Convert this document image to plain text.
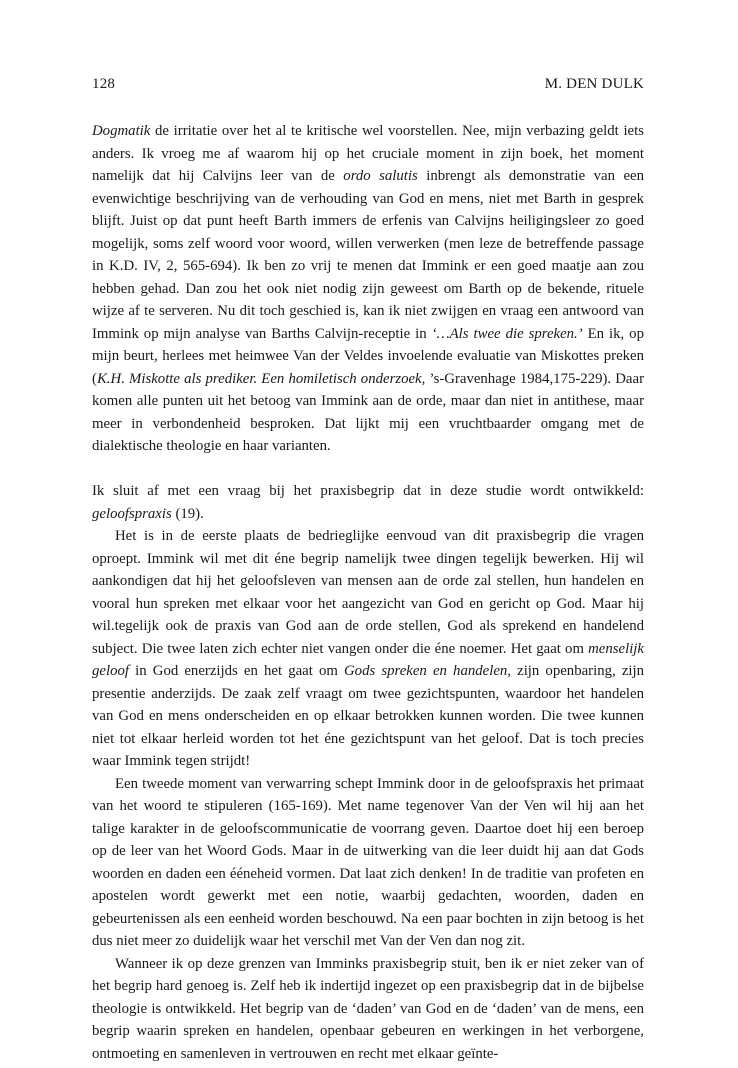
128	M. DEN DULK

Dogmatik de irritatie over het al te kritische wel voorstellen. Nee, mijn verbazing geldt iets anders. Ik vroeg me af waarom hij op het cruciale moment in zijn boek, het moment namelijk dat hij Calvijns leer van de ordo salutis inbrengt als demonstratie van een evenwichtige beschrijving van de verhouding van God en mens, niet met Barth in gesprek blijft. Juist op dat punt heeft Barth immers de erfenis van Calvijns heiligingsleer zo goed mogelijk, soms zelf woord voor woord, willen verwerken (men leze de betreffende passage in K.D. IV, 2, 565-694). Ik ben zo vrij te menen dat Immink er een goed maatje aan zou hebben gehad. Dan zou het ook niet nodig zijn geweest om Barth op de bekende, rituele wijze af te serveren. Nu dit toch geschied is, kan ik niet zwijgen en vraag een antwoord van Immink op mijn analyse van Barths Calvijn-receptie in ‘…Als twee die spreken.’ En ik, op mijn beurt, herlees met heimwee Van der Veldes invoelende evaluatie van Miskottes preken (K.H. Miskotte als prediker. Een homiletisch onderzoek, ’s-Gravenhage 1984,175-229). Daar komen alle punten uit het betoog van Immink aan de orde, maar dan niet in antithese, maar meer in verbondenheid besproken. Dat lijkt mij een vruchtbaarder omgang met de dialektische theologie en haar varianten.

Ik sluit af met een vraag bij het praxisbegrip dat in deze studie wordt ontwikkeld: geloofspraxis (19).

Het is in de eerste plaats de bedrieglijke eenvoud van dit praxisbegrip die vragen oproept. Immink wil met dit éne begrip namelijk twee dingen tegelijk bewerken. Hij wil aankondigen dat hij het geloofsleven van mensen aan de orde zal stellen, hun handelen en vooral hun spreken met elkaar voor het aangezicht van God en gericht op God. Maar hij wil.tegelijk ook de praxis van God aan de orde stellen, God als sprekend en handelend subject. Die twee laten zich echter niet vangen onder die éne noemer. Het gaat om menselijk geloof in God enerzijds en het gaat om Gods spreken en handelen, zijn openbaring, zijn presentie anderzijds. De zaak zelf vraagt om twee gezichtspunten, waardoor het handelen van God en mens onderscheiden en op elkaar betrokken kunnen worden. Die twee kunnen niet tot elkaar herleid worden tot het éne gezichtspunt van het geloof. Dat is toch precies waar Immink tegen strijdt!

Een tweede moment van verwarring schept Immink door in de geloofspraxis het primaat van het woord te stipuleren (165-169). Met name tegenover Van der Ven wil hij aan het talige karakter in de geloofscommunicatie de voorrang geven. Daartoe doet hij een beroep op de leer van het Woord Gods. Maar in de uitwerking van die leer duidt hij aan dat Gods woorden en daden een ééneheid vormen. Dat laat zich denken! In de traditie van profeten en apostelen wordt gewerkt met een notie, waarbij gedachten, woorden, daden en gebeurtenissen als een eenheid worden beschouwd. Na een paar bochten in zijn betoog is het dus niet meer zo duidelijk waar het verschil met Van der Ven dan nog zit.

Wanneer ik op deze grenzen van Imminks praxisbegrip stuit, ben ik er niet zeker van of het begrip hard genoeg is. Zelf heb ik indertijd ingezet op een praxisbegrip dat in de bijbelse theologie is ontwikkeld. Het begrip van de ‘daden’ van God en de ‘daden’ van de mens, een begrip waarin spreken en handelen, openbaar gebeuren en werkingen in het verborgene, ontmoeting en samenleven in vertrouwen en recht met elkaar geïnte-
